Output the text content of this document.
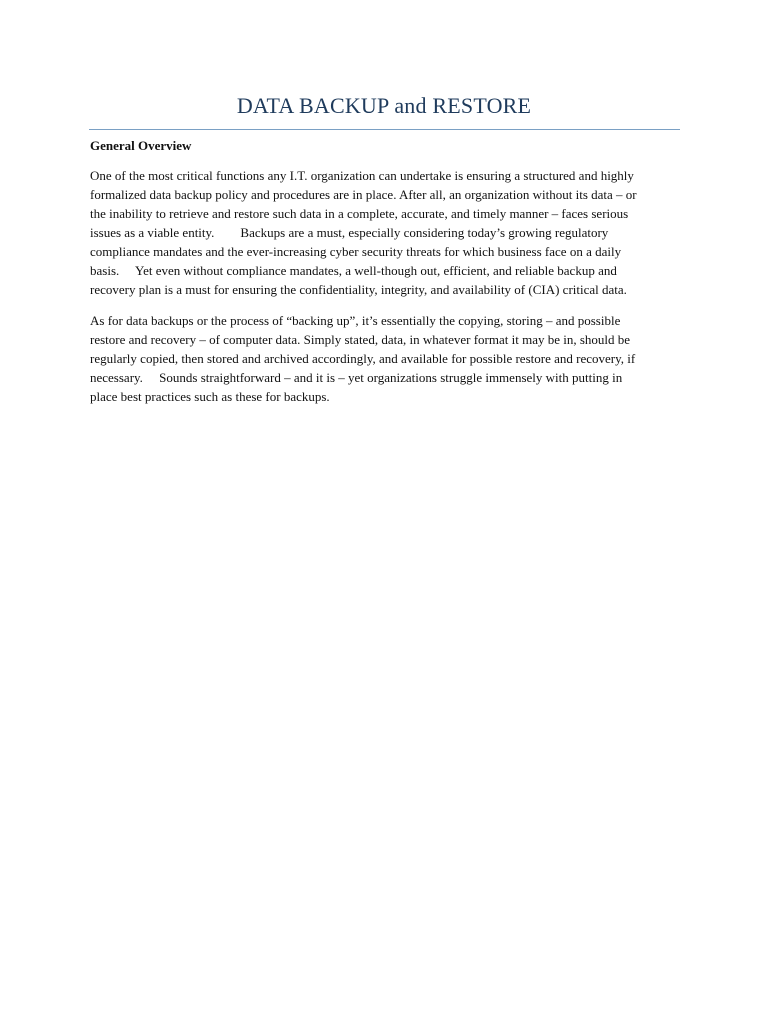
DATA BACKUP and RESTORE
General Overview
One of the most critical functions any I.T. organization can undertake is ensuring a structured and highly
formalized data backup policy and procedures are in place. After all, an organization without its data – or
the inability to retrieve and restore such data in a complete, accurate, and timely manner – faces serious
issues as a viable entity.        Backups are a must, especially considering today’s growing regulatory
compliance mandates and the ever-increasing cyber security threats for which business face on a daily
basis.     Yet even without compliance mandates, a well-though out, efficient, and reliable backup and
recovery plan is a must for ensuring the confidentiality, integrity, and availability of (CIA) critical data.
As for data backups or the process of “backing up”, it’s essentially the copying, storing – and possible
restore and recovery – of computer data. Simply stated, data, in whatever format it may be in, should be
regularly copied, then stored and archived accordingly, and available for possible restore and recovery, if
necessary.     Sounds straightforward – and it is – yet organizations struggle immensely with putting in
place best practices such as these for backups.
